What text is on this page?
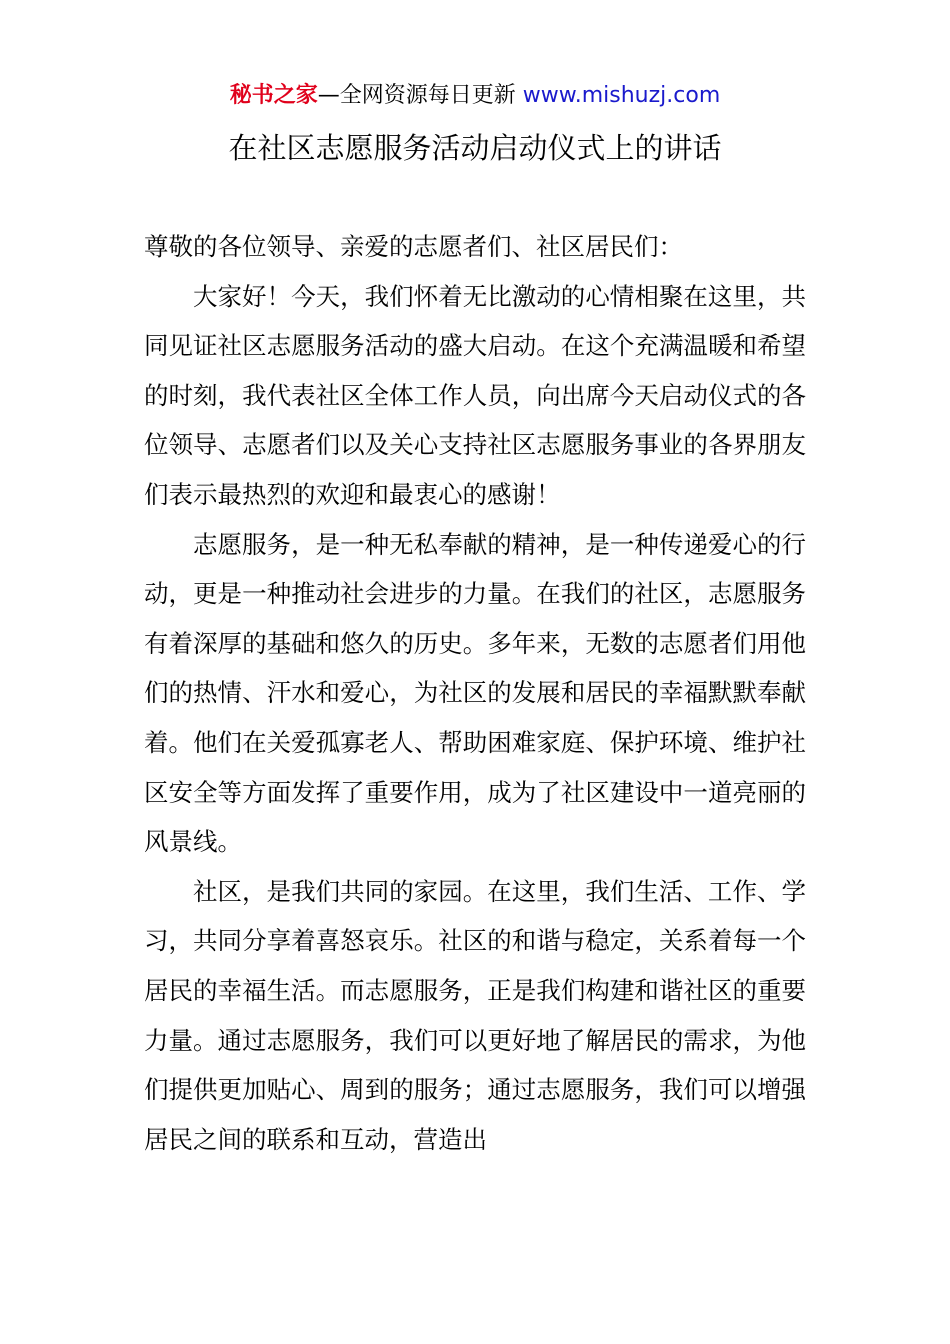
秘书之家—全网资源每日更新 www.mishuzj.com
在社区志愿服务活动启动仪式上的讲话

尊敬的各位领导、亲爱的志愿者们、社区居民们：

大家好！今天，我们怀着无比激动的心情相聚在这里，共同见证社区志愿服务活动的盛大启动。在这个充满温暖和希望的时刻，我代表社区全体工作人员，向出席今天启动仪式的各位领导、志愿者们以及关心支持社区志愿服务事业的各界朋友们表示最热烈的欢迎和最衷心的感谢！

志愿服务，是一种无私奉献的精神，是一种传递爱心的行动，更是一种推动社会进步的力量。在我们的社区，志愿服务有着深厚的基础和悠久的历史。多年来，无数的志愿者们用他们的热情、汗水和爱心，为社区的发展和居民的幸福默默奉献着。他们在关爱孤寡老人、帮助困难家庭、保护环境、维护社区安全等方面发挥了重要作用，成为了社区建设中一道亮丽的风景线。

社区，是我们共同的家园。在这里，我们生活、工作、学习，共同分享着喜怒哀乐。社区的和谐与稳定，关系着每一个居民的幸福生活。而志愿服务，正是我们构建和谐社区的重要力量。通过志愿服务，我们可以更好地了解居民的需求，为他们提供更加贴心、周到的服务；通过志愿服务，我们可以增强居民之间的联系和互动，营造出
